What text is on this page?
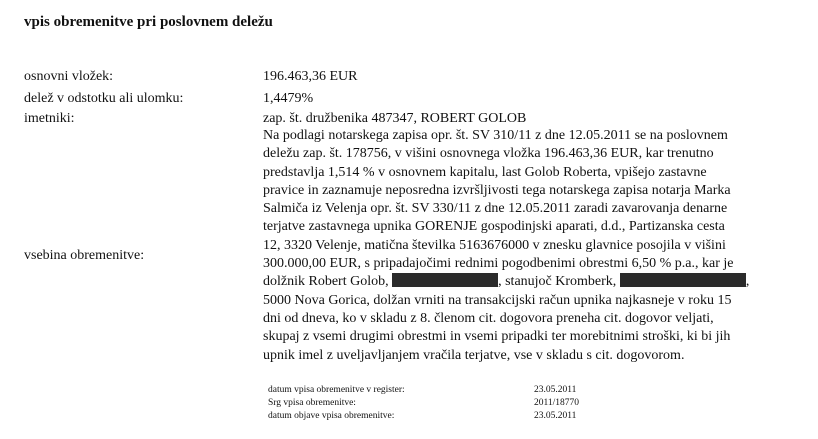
vpis obremenitve pri poslovnem deležu
osnovni vložek:	196.463,36 EUR
delež v odstotku ali ulomku:	1,4479%
imetniki:	zap. št. družbenika 487347, ROBERT GOLOB
vsebina obremenitve:
Na podlagi notarskega zapisa opr. št. SV 310/11 z dne 12.05.2011 se na poslovnem
deležu zap. št. 178756, v višini osnovnega vložka 196.463,36 EUR, kar trenutno
predstavlja 1,514 % v osnovnem kapitalu, last Golob Roberta, vpišejo zastavne
pravice in zaznamuje neposredna izvršljivosti tega notarskega zapisa notarja Marka
Salmiča iz Velenja opr. št. SV 330/11 z dne 12.05.2011 zaradi zavarovanja denarne
terjatve zastavnega upnika GORENJE gospodinjski aparati, d.d., Partizanska cesta
12, 3320 Velenje, matična številka 5163676000 v znesku glavnice posojila v višini
300.000,00 EUR, s pripadajočimi rednimi pogodbenimi obrestmi 6,50 % p.a., kar je
dolžnik Robert Golob,	, stanujoč Kromberk,	,
5000 Nova Gorica, dolžan vrniti na transakcijski račun upnika najkasneje v roku 15
dni od dneva, ko v skladu z 8. členom cit. dogovora preneha cit. dogovor veljati,
skupaj z vsemi drugimi obrestmi in vsemi pripadki ter morebitnimi stroški, ki bi jih
upnik imel z uveljavljanjem vračila terjatve, vse v skladu s cit. dogovorom.
datum vpisa obremenitve v register:	23.05.2011
Srg vpisa obremenitve:	2011/18770
datum objave vpisa obremenitve:	23.05.2011
